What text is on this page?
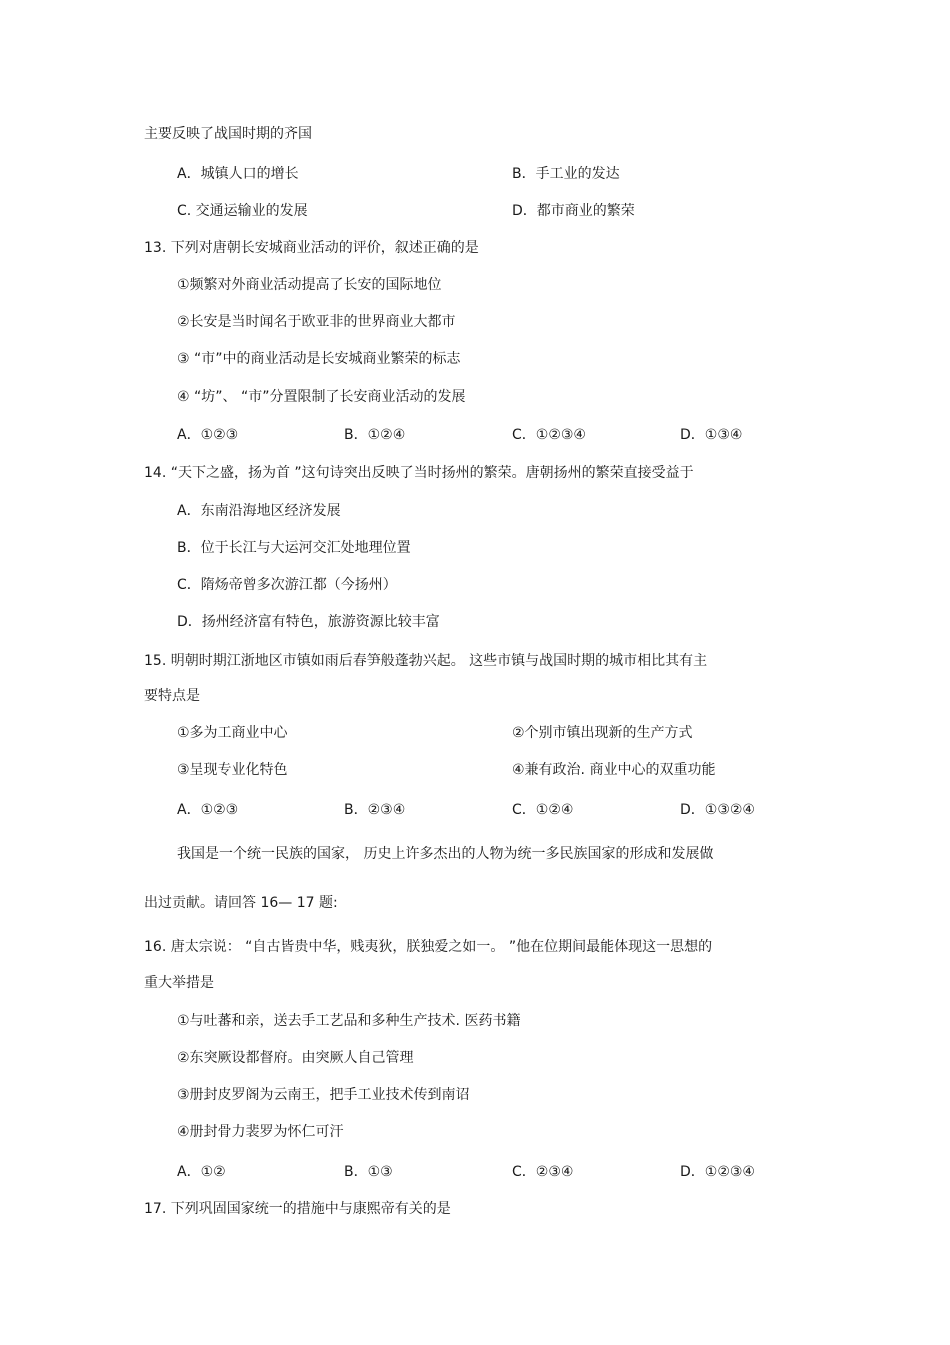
主要反映了战国时期的齐国
A．城镇人口的增长	B．手工业的发达
C. 交通运输业的发展	D．都市商业的繁荣
13. 下列对唐朝长安城商业活动的评价，叙述正确的是
①频繁对外商业活动提高了长安的国际地位
②长安是当时闻名于欧亚非的世界商业大都市
③ “市”中的商业活动是长安城商业繁荣的标志
④ “坊”、 “市”分置限制了长安商业活动的发展
A．①②③	B．①②④	C．①②③④	D．①③④
14. “天下之盛，扬为首 ”这句诗突出反映了当时扬州的繁荣。唐朝扬州的繁荣直接受益于
A．东南沿海地区经济发展
B．位于长江与大运河交汇处地理位置
C．隋炀帝曾多次游江都（今扬州）
D．扬州经济富有特色，旅游资源比较丰富
15. 明朝时期江浙地区市镇如雨后春笋般蓬勃兴起。 这些市镇与战国时期的城市相比其有主
要特点是
①多为工商业中心	②个别市镇出现新的生产方式
③呈现专业化特色	④兼有政治. 商业中心的双重功能
A．①②③	B．②③④	C．①②④	D．①③②④
我国是一个统一民族的国家， 历史上许多杰出的人物为统一多民族国家的形成和发展做
出过贡献。请回答 16— 17 题:
16. 唐太宗说： “自古皆贵中华，贱夷狄，朕独爱之如一。 ”他在位期间最能体现这一思想的
重大举措是
①与吐蕃和亲，送去手工艺品和多种生产技术. 医药书籍
②东突厥设都督府。由突厥人自己管理
③册封皮罗阁为云南王，把手工业技术传到南诏
④册封骨力裴罗为怀仁可汗
A．①②	B．①③	C．②③④	D．①②③④
17. 下列巩固国家统一的措施中与康熙帝有关的是
